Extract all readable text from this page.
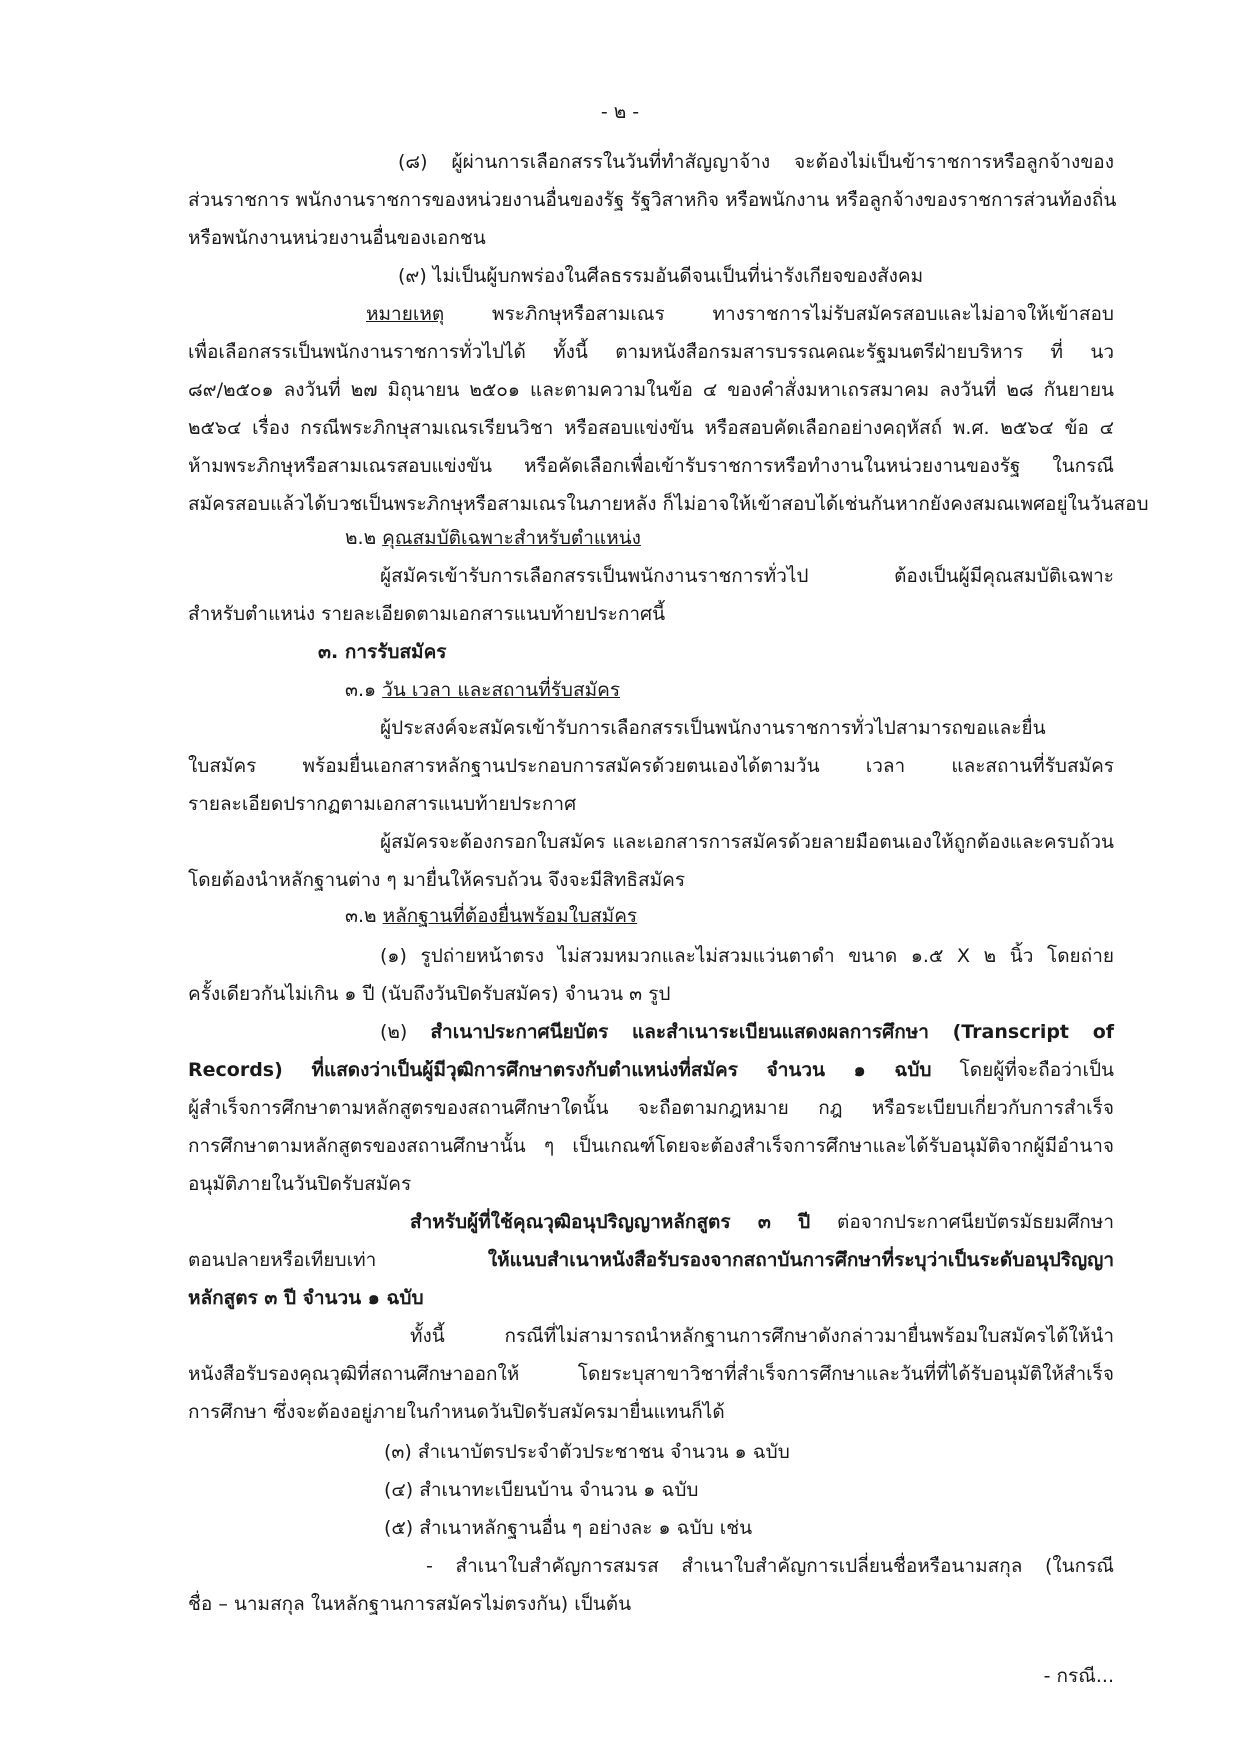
- ๒ -
(๘) ผู้ผ่านการเลือกสรรในวันที่ทำสัญญาจ้าง จะต้องไม่เป็นข้าราชการหรือลูกจ้างของ
ส่วนราชการ พนักงานราชการของหน่วยงานอื่นของรัฐ รัฐวิสาหกิจ หรือพนักงาน หรือลูกจ้างของราชการส่วนท้องถิ่น
หรือพนักงานหน่วยงานอื่นของเอกชน
(๙) ไม่เป็นผู้บกพร่องในศีลธรรมอันดีจนเป็นที่น่ารังเกียจของสังคม
หมายเหตุ พระภิกษุหรือสามเณร ทางราชการไม่รับสมัครสอบและไม่อาจให้เข้าสอบ
เพื่อเลือกสรรเป็นพนักงานราชการทั่วไปได้ ทั้งนี้ ตามหนังสือกรมสารบรรณคณะรัฐมนตรีฝ่ายบริหาร ที่ นว
๘๙/๒๕๐๑ ลงวันที่ ๒๗ มิถุนายน ๒๕๐๑ และตามความในข้อ ๔ ของคำสั่งมหาเถรสมาคม ลงวันที่ ๒๘ กันยายน
๒๕๖๔ เรื่อง กรณีพระภิกษุสามเณรเรียนวิชา หรือสอบแข่งขัน หรือสอบคัดเลือกอย่างคฤหัสถ์ พ.ศ. ๒๕๖๔ ข้อ ๔
ห้ามพระภิกษุหรือสามเณรสอบแข่งขัน หรือคัดเลือกเพื่อเข้ารับราชการหรือทำงานในหน่วยงานของรัฐ ในกรณี
สมัครสอบแล้วได้บวชเป็นพระภิกษุหรือสามเณรในภายหลัง ก็ไม่อาจให้เข้าสอบได้เช่นกันหากยังคงสมณเพศอยู่ในวันสอบ
๒.๒ คุณสมบัติเฉพาะสำหรับตำแหน่ง
ผู้สมัครเข้ารับการเลือกสรรเป็นพนักงานราชการทั่วไป ต้องเป็นผู้มีคุณสมบัติเฉพาะ
สำหรับตำแหน่ง รายละเอียดตามเอกสารแนบท้ายประกาศนี้
๓. การรับสมัคร
๓.๑ วัน เวลา และสถานที่รับสมัคร
ผู้ประสงค์จะสมัครเข้ารับการเลือกสรรเป็นพนักงานราชการทั่วไปสามารถขอและยื่น
ใบสมัคร พร้อมยื่นเอกสารหลักฐานประกอบการสมัครด้วยตนเองได้ตามวัน เวลา และสถานที่รับสมัคร
รายละเอียดปรากฏตามเอกสารแนบท้ายประกาศ
ผู้สมัครจะต้องกรอกใบสมัคร และเอกสารการสมัครด้วยลายมือตนเองให้ถูกต้องและครบถ้วน
โดยต้องนำหลักฐานต่าง ๆ มายื่นให้ครบถ้วน จึงจะมีสิทธิสมัคร
๓.๒ หลักฐานที่ต้องยื่นพร้อมใบสมัคร
(๑) รูปถ่ายหน้าตรง ไม่สวมหมวกและไม่สวมแว่นตาดำ ขนาด ๑.๕ X ๒ นิ้ว โดยถ่าย
ครั้งเดียวกันไม่เกิน ๑ ปี (นับถึงวันปิดรับสมัคร) จำนวน ๓ รูป
(๒) สำเนาประกาศนียบัตร และสำเนาระเบียนแสดงผลการศึกษา (Transcript of
Records) ที่แสดงว่าเป็นผู้มีวุฒิการศึกษาตรงกับตำแหน่งที่สมัคร จำนวน ๑ ฉบับ โดยผู้ที่จะถือว่าเป็น
ผู้สำเร็จการศึกษาตามหลักสูตรของสถานศึกษาใดนั้น จะถือตามกฎหมาย กฎ หรือระเบียบเกี่ยวกับการสำเร็จ
การศึกษาตามหลักสูตรของสถานศึกษานั้น ๆ เป็นเกณฑ์โดยจะต้องสำเร็จการศึกษาและได้รับอนุมัติจากผู้มีอำนาจ
อนุมัติภายในวันปิดรับสมัคร
สำหรับผู้ที่ใช้คุณวุฒิอนุปริญญาหลักสูตร ๓ ปี ต่อจากประกาศนียบัตรมัธยมศึกษา
ตอนปลายหรือเทียบเท่า ให้แนบสำเนาหนังสือรับรองจากสถาบันการศึกษาที่ระบุว่าเป็นระดับอนุปริญญา
หลักสูตร ๓ ปี จำนวน ๑ ฉบับ
ทั้งนี้ กรณีที่ไม่สามารถนำหลักฐานการศึกษาดังกล่าวมายื่นพร้อมใบสมัครได้ให้นำ
หนังสือรับรองคุณวุฒิที่สถานศึกษาออกให้ โดยระบุสาขาวิชาที่สำเร็จการศึกษาและวันที่ที่ได้รับอนุมัติให้สำเร็จ
การศึกษา ซึ่งจะต้องอยู่ภายในกำหนดวันปิดรับสมัครมายื่นแทนก็ได้
(๓) สำเนาบัตรประจำตัวประชาชน จำนวน ๑ ฉบับ
(๔) สำเนาทะเบียนบ้าน จำนวน ๑ ฉบับ
(๕) สำเนาหลักฐานอื่น ๆ อย่างละ ๑ ฉบับ เช่น
- สำเนาใบสำคัญการสมรส สำเนาใบสำคัญการเปลี่ยนชื่อหรือนามสกุล (ในกรณี
ชื่อ – นามสกุล ในหลักฐานการสมัครไม่ตรงกัน) เป็นต้น
- กรณี...
